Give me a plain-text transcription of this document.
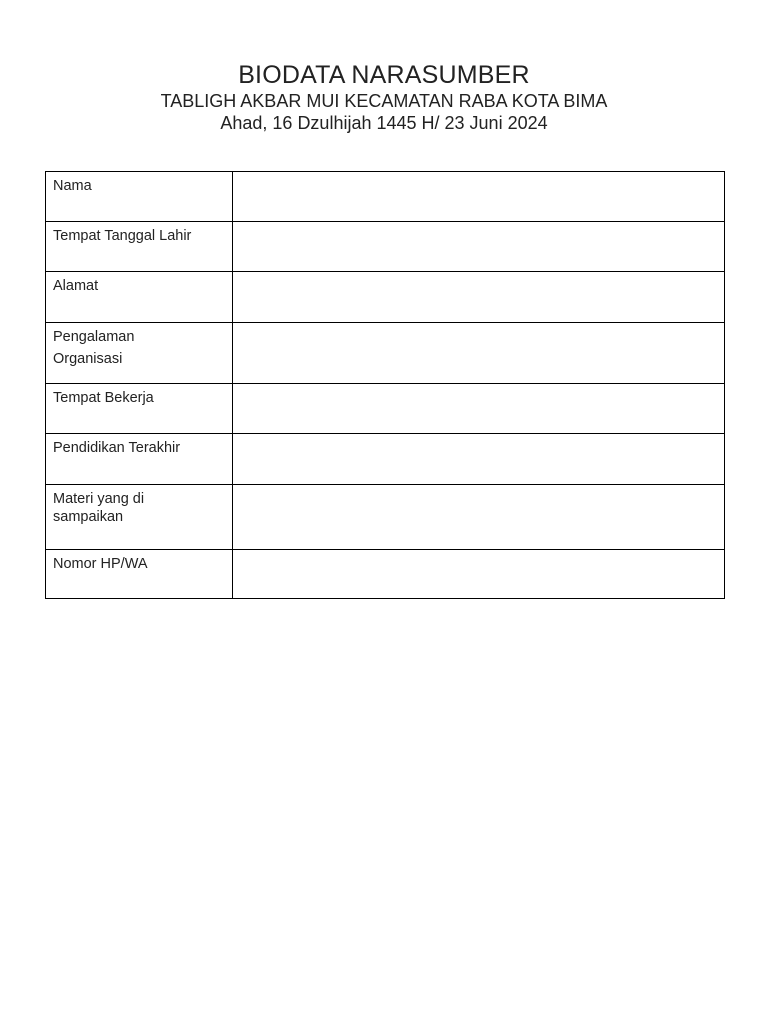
BIODATA NARASUMBER

TABLIGH AKBAR MUI KECAMATAN RABA KOTA BIMA

Ahad, 16 Dzulhijah 1445 H/ 23 Juni 2024

Nama	
Tempat Tanggal Lahir	
Alamat	

Pengalaman
Organisasi	

Tempat Bekerja	
Pendidikan Terakhir	

Materi yang di
sampaikan	

Nomor HP/WA	
